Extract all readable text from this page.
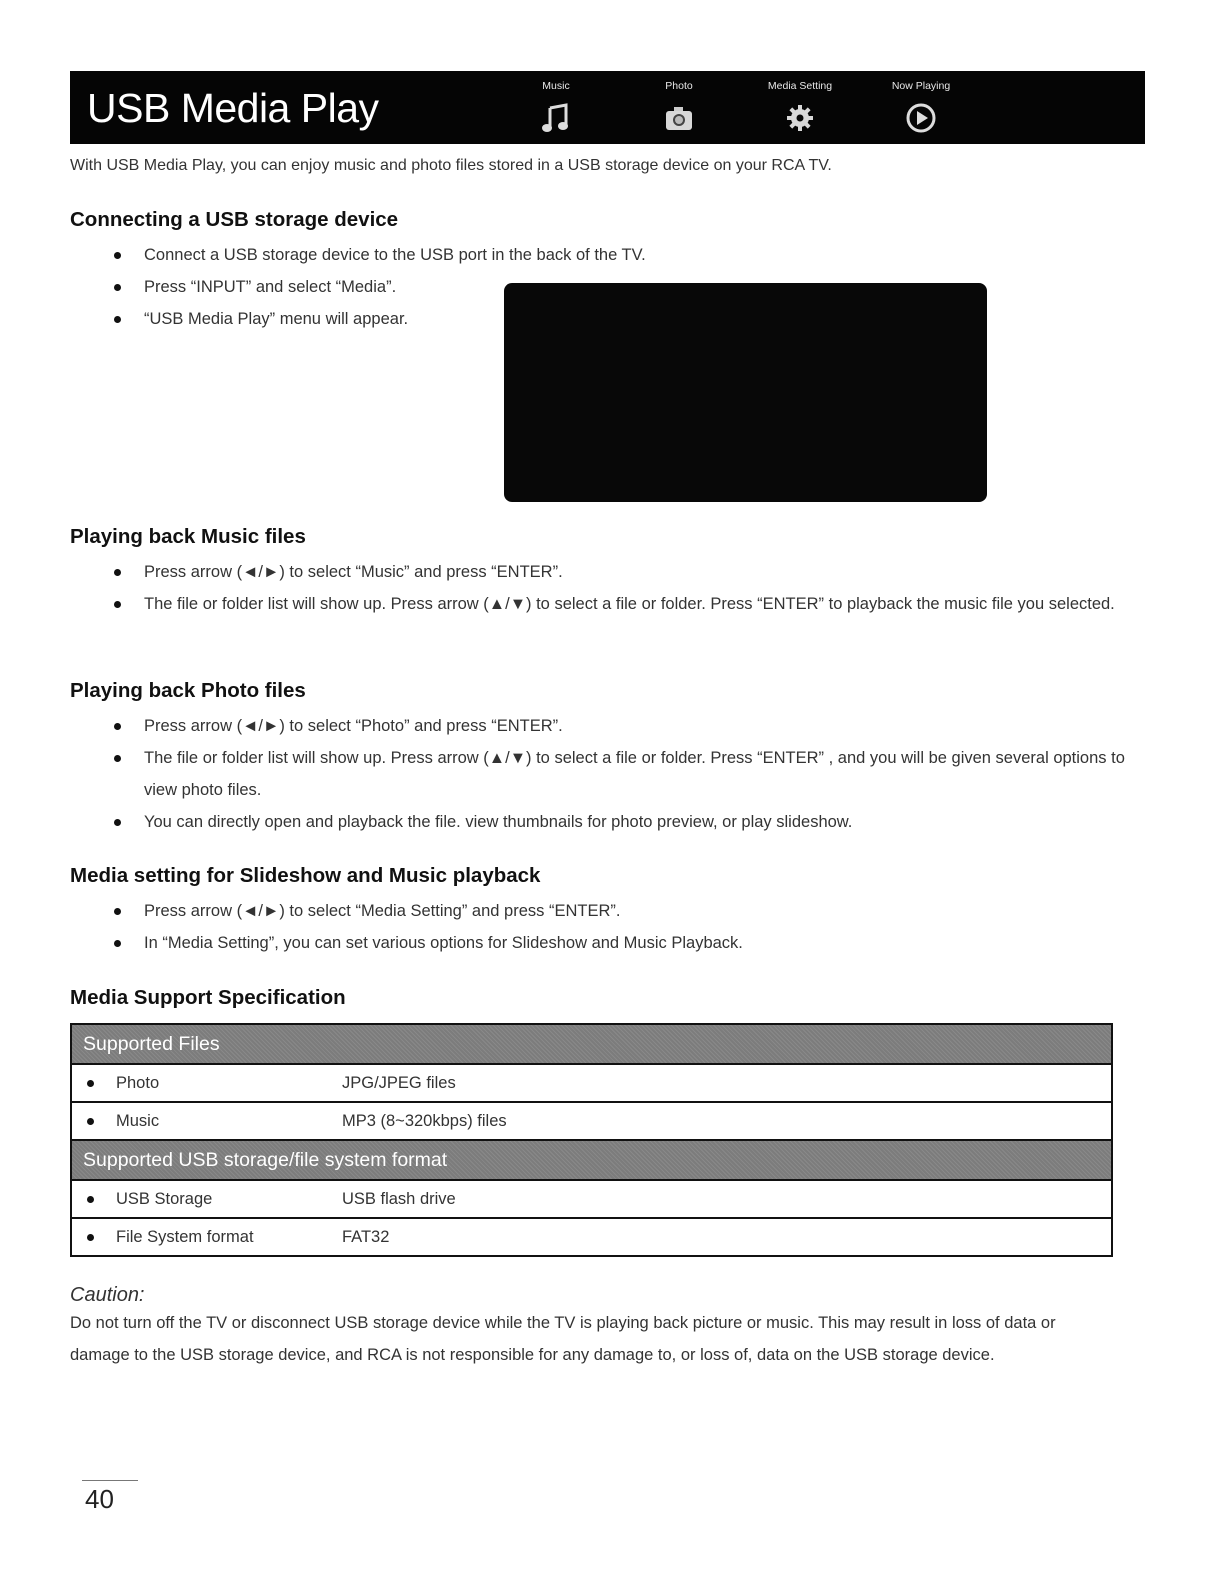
USB Media Play

With USB Media Play, you can enjoy music and photo files stored in a USB storage device on your RCA TV.

Connecting a USB storage device
Connect a USB storage device to the USB port in the back of the TV.
Press “INPUT” and select “Media”.
“USB Media Play” menu will appear.
Music	Photo	Media Setting	Now Playing
Playing back Music files
Press arrow (◄/►) to select “Music” and press “ENTER”.
The file or folder list will show up. Press arrow (▲/▼) to select a file or folder. Press “ENTER” to playback the music file you selected.
Playing back Photo files
Press arrow (◄/►) to select “Photo” and press “ENTER”.
The file or folder list will show up. Press arrow (▲/▼) to select a file or folder. Press “ENTER” , and you will be given several options to view photo files.
You can directly open and playback the file. view thumbnails for photo preview, or play slideshow.
Media setting for Slideshow and Music playback
Press arrow (◄/►) to select “Media Setting” and press “ENTER”.
In “Media Setting”, you can set various options for Slideshow and Music Playback.
Media Support Specification
Supported Files	
Photo	JPG/JPEG files
Music	MP3 (8~320kbps) files
Supported USB storage/file system format	
USB Storage	USB flash drive
File System format	FAT32

Caution:

Do not turn off the TV or disconnect USB storage device while the TV is playing back picture or music. This may result in loss of data or damage to the USB storage device, and RCA is not responsible for any damage to, or loss of, data on the USB storage device.

40
